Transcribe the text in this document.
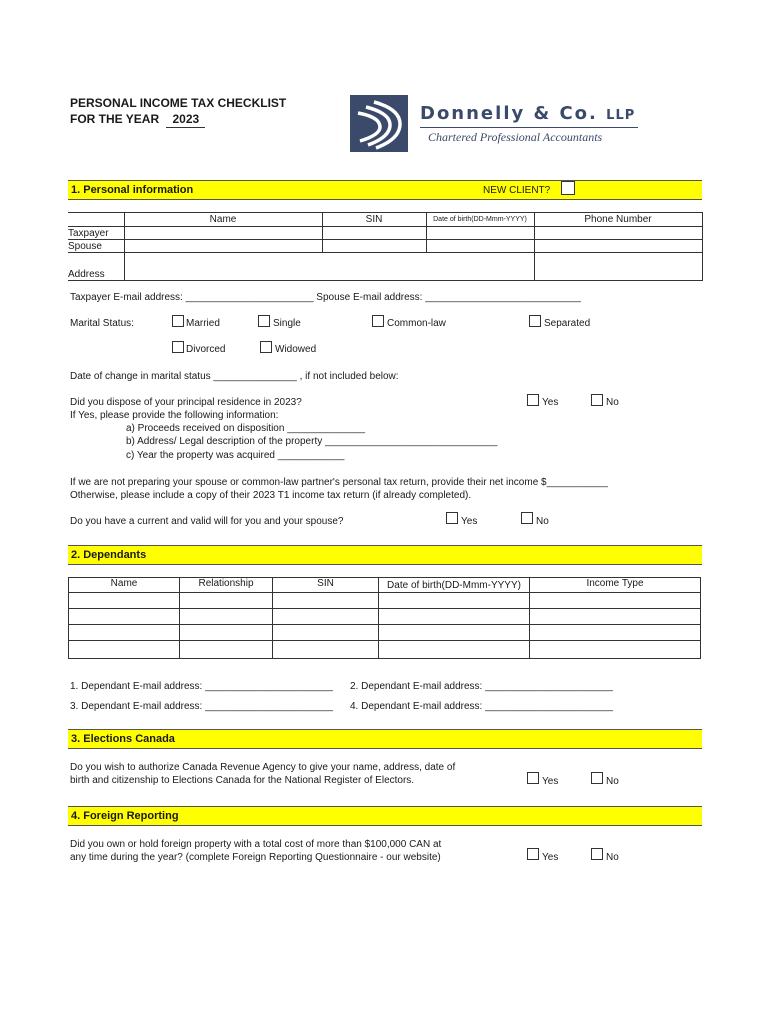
PERSONAL INCOME TAX CHECKLIST
FOR THE YEAR 2023	Donnelly & Co. LLP
Chartered Professional Accountants
1. Personal information	NEW CLIENT?
	Name	SIN	Date of birth(DD-Mmm-YYYY)	Phone Number
Taxpayer				
Spouse				
Address				
Taxpayer E-mail address: _______________________ Spouse E-mail address: ____________________________
Marital Status:	Married	Single	Common-law	Separated
Divorced	Widowed
Date of change in marital status _______________ , if not included below:
Did you dispose of your principal residence in 2023?	Yes	No
If Yes, please provide the following information:
a) Proceeds received on disposition ______________
b) Address/ Legal description of the property _______________________________
c) Year the property was acquired ____________
If we are not preparing your spouse or common-law partner's personal tax return, provide their net income $___________
Otherwise, please include a copy of their 2023 T1 income tax return (if already completed).
Do you have a current and valid will for you and your spouse?	Yes	No
2. Dependants
Name	Relationship	SIN	Date of birth(DD-Mmm-YYYY)	Income Type

1. Dependant E-mail address: _______________________ 2. Dependant E-mail address: _______________________
3. Dependant E-mail address: _______________________ 4. Dependant E-mail address: _______________________
3. Elections Canada
Do you wish to authorize Canada Revenue Agency to give your name, address, date of
birth and citizenship to Elections Canada for the National Register of Electors.	Yes	No
4. Foreign Reporting
Did you own or hold foreign property with a total cost of more than $100,000 CAN at
any time during the year? (complete Foreign Reporting Questionnaire - our website)	Yes	No
